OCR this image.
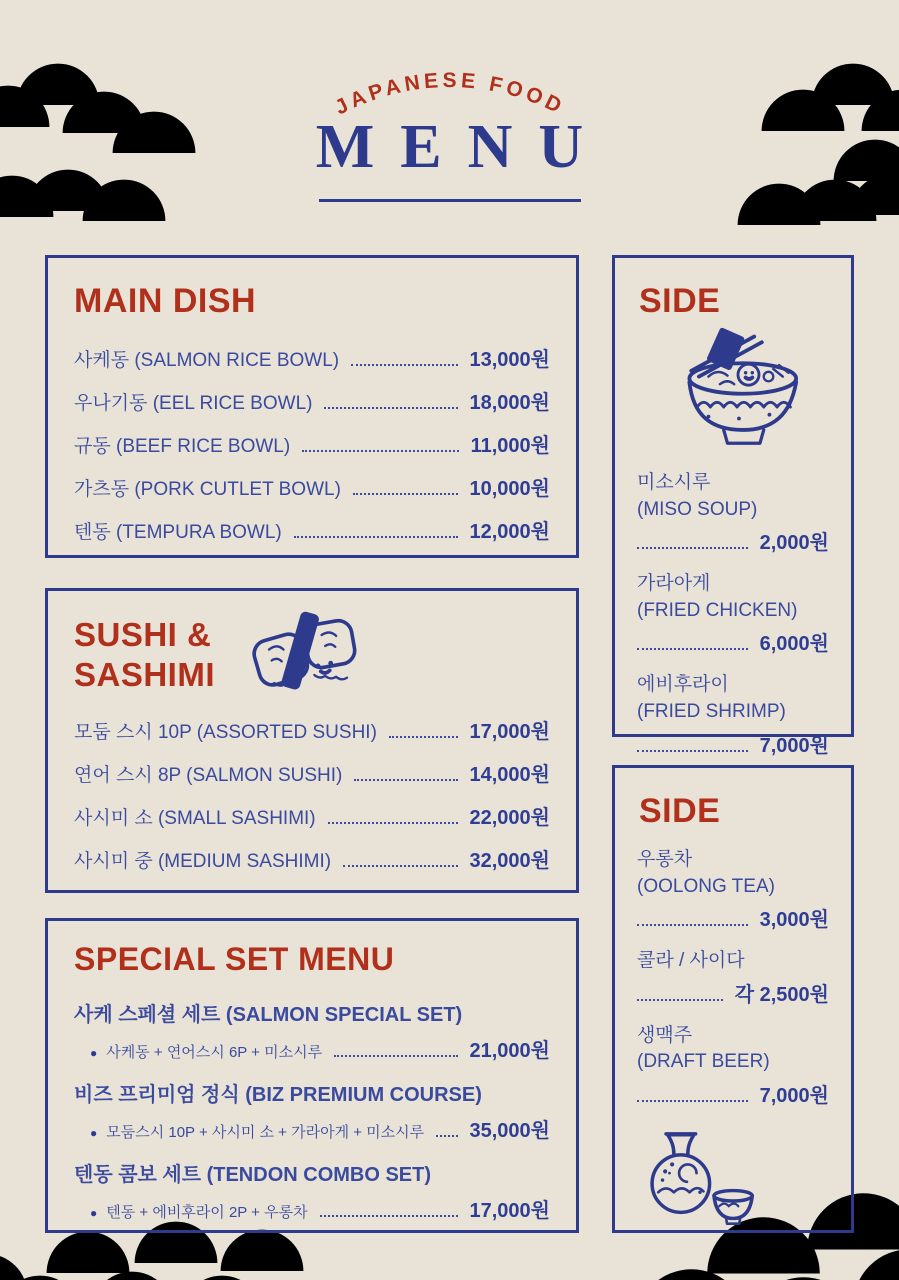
JAPANESE FOOD
MENU
MAIN DISH
사케동 (SALMON RICE BOWL)	13,000원
우나기동 (EEL RICE BOWL)	18,000원
규동 (BEEF RICE BOWL)	11,000원
가츠동 (PORK CUTLET BOWL)	10,000원
텐동 (TEMPURA BOWL)	12,000원
SUSHI &
SASHIMI
모둠 스시 10P (ASSORTED SUSHI)	17,000원
연어 스시 8P (SALMON SUSHI)	14,000원
사시미 소 (SMALL SASHIMI)	22,000원
사시미 중 (MEDIUM SASHIMI)	32,000원
SPECIAL SET MENU
사케 스페셜 세트 (SALMON SPECIAL SET)
● 사케동 + 연어스시 6P + 미소시루	21,000원
비즈 프리미엄 정식 (BIZ PREMIUM COURSE)
● 모둠스시 10P + 사시미 소 + 가라아게 + 미소시루 35,000원
텐동 콤보 세트 (TENDON COMBO SET)
● 텐동 + 에비후라이 2P + 우롱차	17,000원
SIDE
미소시루
(MISO SOUP)
2,000원
가라아게
(FRIED CHICKEN)
6,000원
에비후라이
(FRIED SHRIMP)
7,000원
SIDE
우롱차
(OOLONG TEA)
3,000원
콜라 / 사이다
각 2,500원
생맥주
(DRAFT BEER)
7,000원
